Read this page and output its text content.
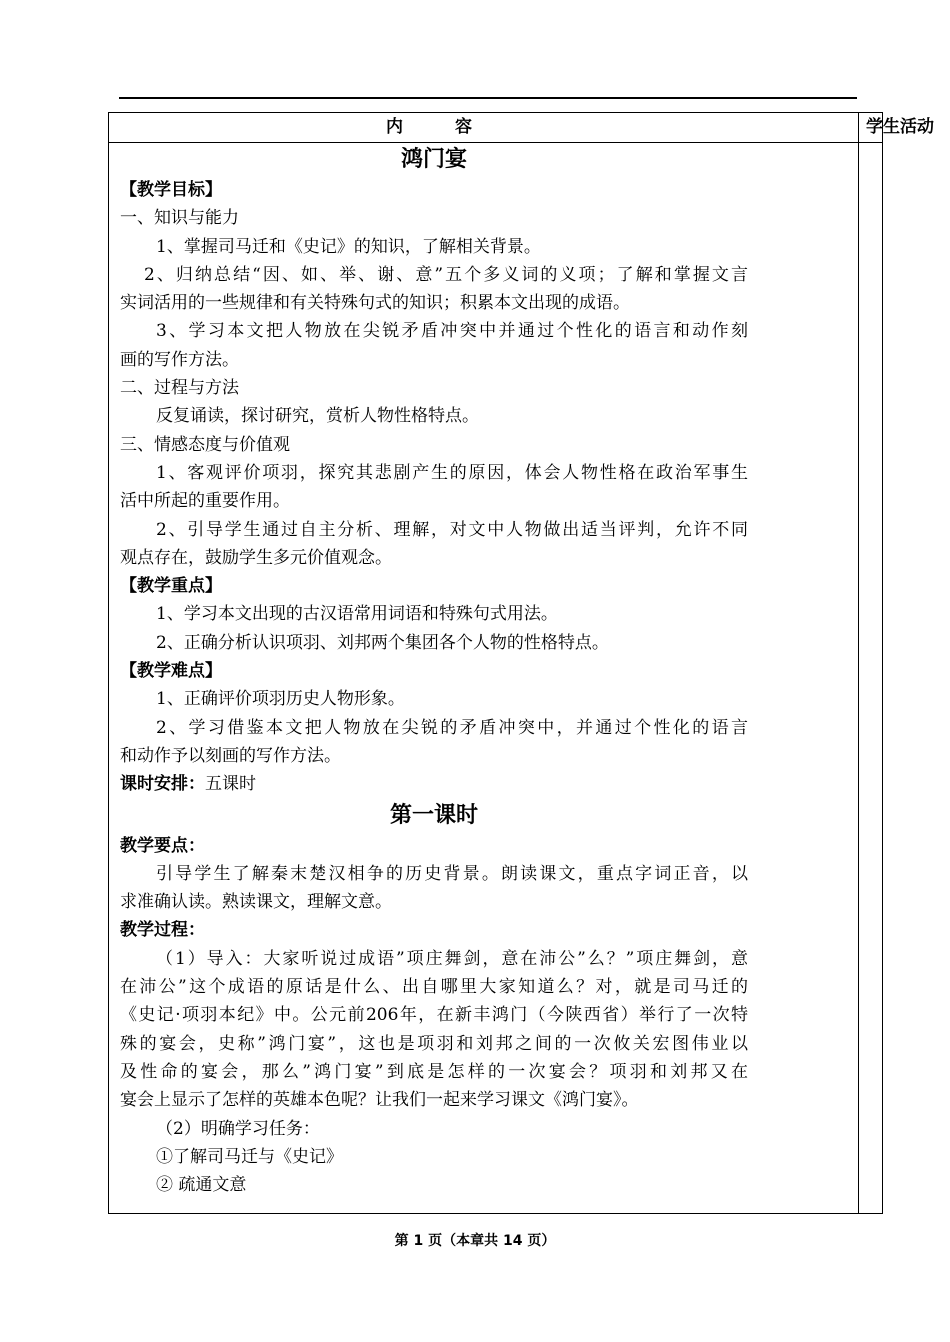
内	容	学生活动
鸿门宴
【教学目标】
一、知识与能力
1、掌握司马迁和《史记》的知识，了解相关背景。
2、归纳总结“因、如、举、谢、意”五个多义词的义项；了解和掌握文言
实词活用的一些规律和有关特殊句式的知识；积累本文出现的成语。
3、学习本文把人物放在尖锐矛盾冲突中并通过个性化的语言和动作刻
画的写作方法。
二、过程与方法
反复诵读，探讨研究，赏析人物性格特点。
三、情感态度与价值观
1、客观评价项羽，探究其悲剧产生的原因，体会人物性格在政治军事生
活中所起的重要作用。
2、引导学生通过自主分析、理解，对文中人物做出适当评判，允许不同
观点存在，鼓励学生多元价值观念。
【教学重点】
1、学习本文出现的古汉语常用词语和特殊句式用法。
2、正确分析认识项羽、刘邦两个集团各个人物的性格特点。
【教学难点】
1、正确评价项羽历史人物形象。
2、学习借鉴本文把人物放在尖锐的矛盾冲突中，并通过个性化的语言
和动作予以刻画的写作方法。
课时安排：五课时
第一课时
教学要点：
引导学生了解秦末楚汉相争的历史背景。朗读课文，重点字词正音，以
求准确认读。熟读课文，理解文意。
教学过程：
（1）导入：大家听说过成语”项庄舞剑，意在沛公”么？”项庄舞剑，意
在沛公”这个成语的原话是什么、出自哪里大家知道么？对，就是司马迁的
《史记·项羽本纪》中。公元前206年，在新丰鸿门（今陕西省）举行了一次特
殊的宴会，史称”鸿门宴”，这也是项羽和刘邦之间的一次攸关宏图伟业以
及性命的宴会，那么”鸿门宴”到底是怎样的一次宴会？项羽和刘邦又在
宴会上显示了怎样的英雄本色呢？让我们一起来学习课文《鸿门宴》。
（2）明确学习任务：
①了解司马迁与《史记》
② 疏通文意
第 1 页（本章共 14 页）
